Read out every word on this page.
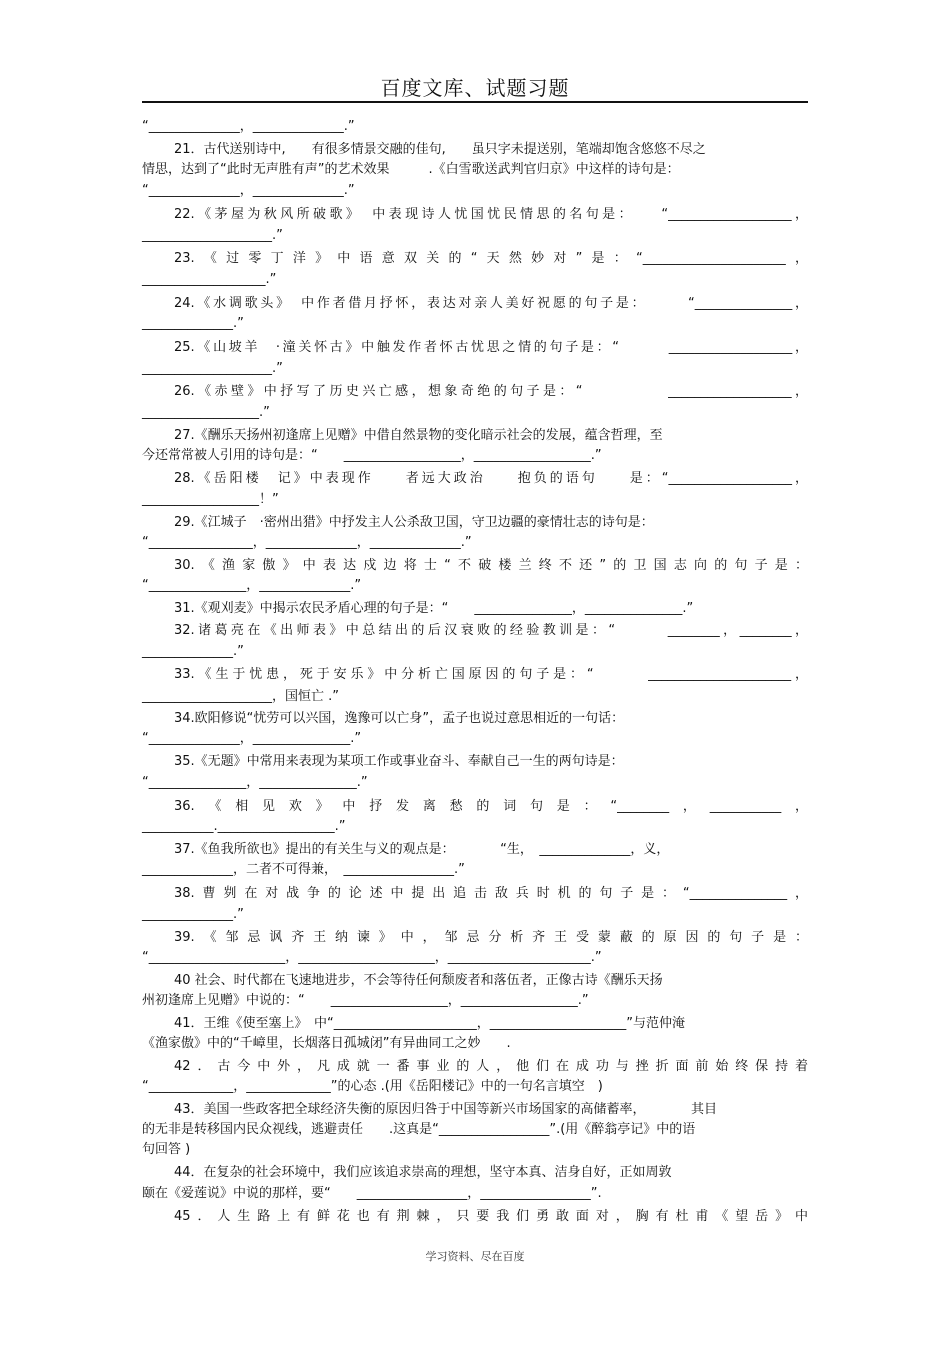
百度文库、试题习题
“______________，______________.”
21．古代送别诗中,　　有很多情景交融的佳句,　　虽只字未提送别，笔端却饱含悠悠不尽之
情思，达到了“此时无声胜有声”的艺术效果　　　.《白雪歌送武判官归京》中这样的诗句是：
“______________，______________.”
22.《茅屋为秋风所破歌》　中表现诗人忧国忧民情思的名句是：　　“___________________，
____________________.”
23.《过零丁洋》中语意双关的“天然妙对”是：“______________________，
___________________.”
24.《水调歌头》　中作者借月抒怀，表达对亲人美好祝愿的句子是：　　　“_______________，
______________.”
25.《山坡羊　·潼关怀古》中触发作者怀古忧思之情的句子是：“　　　___________________，
____________________.”
26.《赤壁》中抒写了历史兴亡感，想象奇绝的句子是：“　　　　　___________________，
__________________.”
27.《酬乐天扬州初逢席上见赠》中借自然景物的变化暗示社会的发展，蕴含哲理，至
今还常常被人引用的诗句是：“　　__________________，__________________.”
28.《岳阳楼　记》中表现作　　者远大政治　　抱负的语句　　是：“___________________，
__________________！”
29.《江城子　·密州出猎》中抒发主人公杀敌卫国，守卫边疆的豪情壮志的诗句是：
“________________，______________，______________.”
30.《渔家傲》中表达戍边将士“不破楼兰终不还”的卫国志向的句子是：
“_______________，______________.”
31.《观刈麦》中揭示农民矛盾心理的句子是：“　　_______________，_______________.”
32.诸葛亮在《出师表》中总结出的后汉衰败的经验教训是：“　　　________，________，
______________.”
33.《生于忧患，死于安乐》中分析亡国原因的句子是：“　　　______________________，
____________________，国恒亡 .”
34.欧阳修说“忧劳可以兴国，逸豫可以亡身”，孟子也说过意思相近的一句话：
“______________，_______________.”
35.《无题》中常用来表现为某项工作或事业奋斗、奉献自己一生的两句诗是：
“_______________，_______________.”
36.《相见欢》中抒发离愁的词句是：“________，___________，
___________.__________________.”
37.《鱼我所欲也》提出的有关生与义的观点是：　　　　“生，　______________，义，
______________，二者不可得兼，　_________________.”
38.曹刿在对战争的论述中提出追击敌兵时机的句子是：“_______________，
______________.”
39.《邹忌讽齐王纳谏》中，邹忌分析齐王受蒙蔽的原因的句子是：
“_____________________，_____________________，______________________.”
40 社会、时代都在飞速地进步，不会等待任何颓废者和落伍者，正像古诗《酬乐天扬
州初逢席上见赠》中说的：“　　__________________，__________________.”
41．王维《使至塞上》　中“______________________，_____________________”与范仲淹
《渔家傲》中的“千嶂里，长烟落日孤城闭”有异曲同工之妙　　.
42．古今中外，凡成就一番事业的人，他们在成功与挫折面前始终保持着
“_____________，_____________”的心态 .(用《岳阳楼记》中的一句名言填空　)
43．美国一些政客把全球经济失衡的原因归咎于中国等新兴市场国家的高储蓄率，　　　　其目
的无非是转移国内民众视线，逃避责任　　.这真是“_________________”.(用《醉翁亭记》中的语
句回答 )
44．在复杂的社会环境中，我们应该追求崇高的理想，坚守本真、洁身自好，正如周敦
颐在《爱莲说》中说的那样，要“　　_________________，_________________”.
45．人生路上有鲜花也有荆棘，只要我们勇敢面对，胸有杜甫《望岳》中
学习资料、尽在百度
